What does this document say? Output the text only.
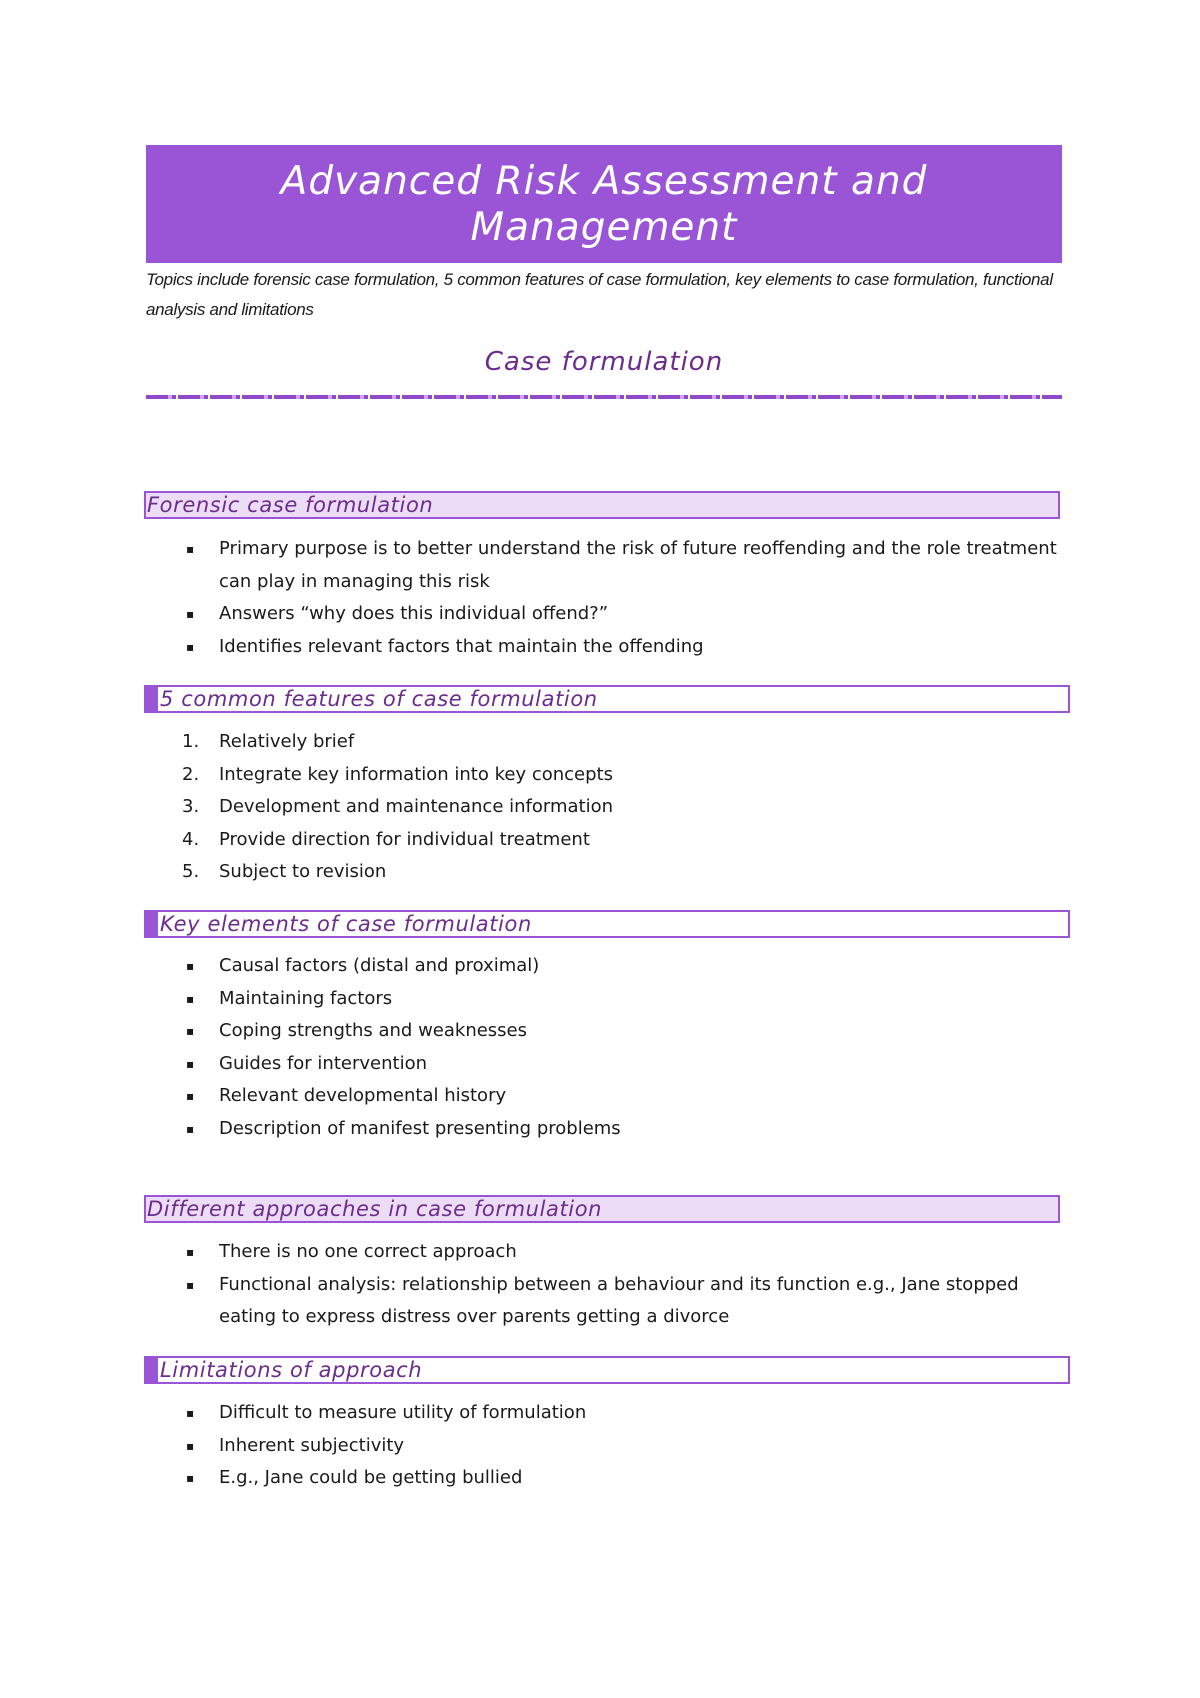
Advanced Risk Assessment and
Management
Topics include forensic case formulation, 5 common features of case formulation, key elements to case formulation, functional analysis and limitations
Case formulation
Forensic case formulation
▪ Primary purpose is to better understand the risk of future reoffending and the role treatment can play in managing this risk
▪ Answers “why does this individual offend?”
▪ Identifies relevant factors that maintain the offending
5 common features of case formulation
1. Relatively brief
2. Integrate key information into key concepts
3. Development and maintenance information
4. Provide direction for individual treatment
5. Subject to revision
Key elements of case formulation
▪ Causal factors (distal and proximal)
▪ Maintaining factors
▪ Coping strengths and weaknesses
▪ Guides for intervention
▪ Relevant developmental history
▪ Description of manifest presenting problems
Different approaches in case formulation
▪ There is no one correct approach
▪ Functional analysis: relationship between a behaviour and its function e.g., Jane stopped eating to express distress over parents getting a divorce
Limitations of approach
▪ Difficult to measure utility of formulation
▪ Inherent subjectivity
▪ E.g., Jane could be getting bullied
